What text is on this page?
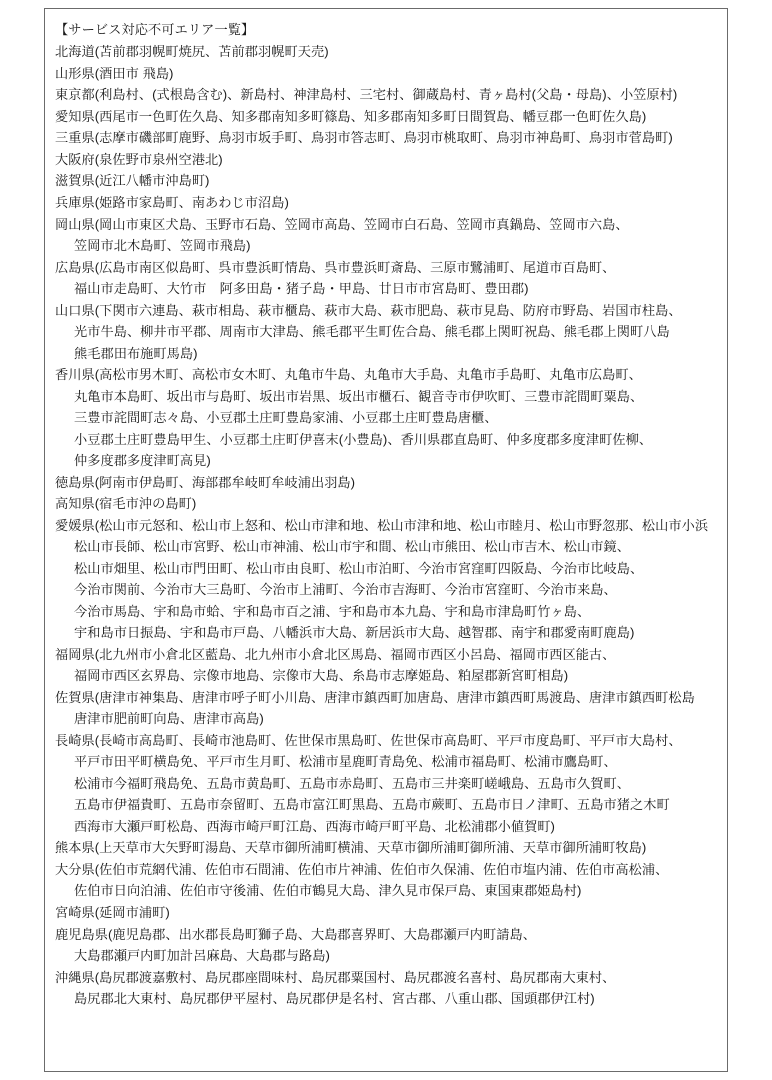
【サービス対応不可エリア一覧】

北海道(苫前郡羽幌町焼尻、苫前郡羽幌町天売)

山形県(酒田市 飛島)

東京都(利島村、(式根島含む)、新島村、神津島村、三宅村、御蔵島村、青ヶ島村(父島・母島)、小笠原村)

愛知県(西尾市一色町佐久島、知多郡南知多町篠島、知多郡南知多町日間賀島、幡豆郡一色町佐久島)

三重県(志摩市磯部町鹿野、鳥羽市坂手町、鳥羽市答志町、鳥羽市桃取町、鳥羽市神島町、鳥羽市菅島町)

大阪府(泉佐野市泉州空港北)

滋賀県(近江八幡市沖島町)

兵庫県(姫路市家島町、南あわじ市沼島)

岡山県(岡山市東区犬島、玉野市石島、笠岡市高島、笠岡市白石島、笠岡市真鍋島、笠岡市六島、
笠岡市北木島町、笠岡市飛島)

広島県(広島市南区似島町、呉市豊浜町情島、呉市豊浜町斎島、三原市鷺浦町、尾道市百島町、
福山市走島町、大竹市　阿多田島・猪子島・甲島、廿日市市宮島町、豊田郡)

山口県(下関市六連島、萩市相島、萩市櫃島、萩市大島、萩市肥島、萩市見島、防府市野島、岩国市柱島、
光市牛島、柳井市平郡、周南市大津島、熊毛郡平生町佐合島、熊毛郡上関町祝島、熊毛郡上関町八島
熊毛郡田布施町馬島)

香川県(高松市男木町、高松市女木町、丸亀市牛島、丸亀市大手島、丸亀市手島町、丸亀市広島町、
丸亀市本島町、坂出市与島町、坂出市岩黒、坂出市櫃石、観音寺市伊吹町、三豊市詫間町粟島、
三豊市詫間町志々島、小豆郡土庄町豊島家浦、小豆郡土庄町豊島唐櫃、
小豆郡土庄町豊島甲生、小豆郡土庄町伊喜末(小豊島)、香川県郡直島町、仲多度郡多度津町佐柳、
仲多度郡多度津町高見)

徳島県(阿南市伊島町、海部郡牟岐町牟岐浦出羽島)

高知県(宿毛市沖の島町)

愛媛県(松山市元怒和、松山市上怒和、松山市津和地、松山市津和地、松山市睦月、松山市野忽那、松山市小浜
松山市長師、松山市宮野、松山市神浦、松山市宇和間、松山市熊田、松山市吉木、松山市鏡、
松山市畑里、松山市門田町、松山市由良町、松山市泊町、今治市宮窪町四阪島、今治市比岐島、
今治市関前、今治市大三島町、今治市上浦町、今治市吉海町、今治市宮窪町、今治市来島、
今治市馬島、宇和島市蛤、宇和島市百之浦、宇和島市本九島、宇和島市津島町竹ヶ島、
宇和島市日振島、宇和島市戸島、八幡浜市大島、新居浜市大島、越智郡、南宇和郡愛南町鹿島)

福岡県(北九州市小倉北区藍島、北九州市小倉北区馬島、福岡市西区小呂島、福岡市西区能古、
福岡市西区玄界島、宗像市地島、宗像市大島、糸島市志摩姫島、粕屋郡新宮町相島)

佐賀県(唐津市神集島、唐津市呼子町小川島、唐津市鎮西町加唐島、唐津市鎮西町馬渡島、唐津市鎮西町松島
唐津市肥前町向島、唐津市高島)

長崎県(長崎市高島町、長崎市池島町、佐世保市黒島町、佐世保市高島町、平戸市度島町、平戸市大島村、
平戸市田平町横島免、平戸市生月町、松浦市星鹿町青島免、松浦市福島町、松浦市鷹島町、
松浦市今福町飛島免、五島市黄島町、五島市赤島町、五島市三井楽町嵯峨島、五島市久賀町、
五島市伊福貴町、五島市奈留町、五島市富江町黒島、五島市蕨町、五島市日ノ津町、五島市猪之木町
西海市大瀬戸町松島、西海市崎戸町江島、西海市崎戸町平島、北松浦郡小値賀町)

熊本県(上天草市大矢野町湯島、天草市御所浦町横浦、天草市御所浦町御所浦、天草市御所浦町牧島)

大分県(佐伯市荒網代浦、佐伯市石間浦、佐伯市片神浦、佐伯市久保浦、佐伯市塩内浦、佐伯市高松浦、
佐伯市日向泊浦、佐伯市守後浦、佐伯市鶴見大島、津久見市保戸島、東国東郡姫島村)

宮崎県(延岡市浦町)

鹿児島県(鹿児島郡、出水郡長島町獅子島、大島郡喜界町、大島郡瀬戸内町請島、
大島郡瀬戸内町加計呂麻島、大島郡与路島)

沖縄県(島尻郡渡嘉敷村、島尻郡座間味村、島尻郡粟国村、島尻郡渡名喜村、島尻郡南大東村、
島尻郡北大東村、島尻郡伊平屋村、島尻郡伊是名村、宮古郡、八重山郡、国頭郡伊江村)
